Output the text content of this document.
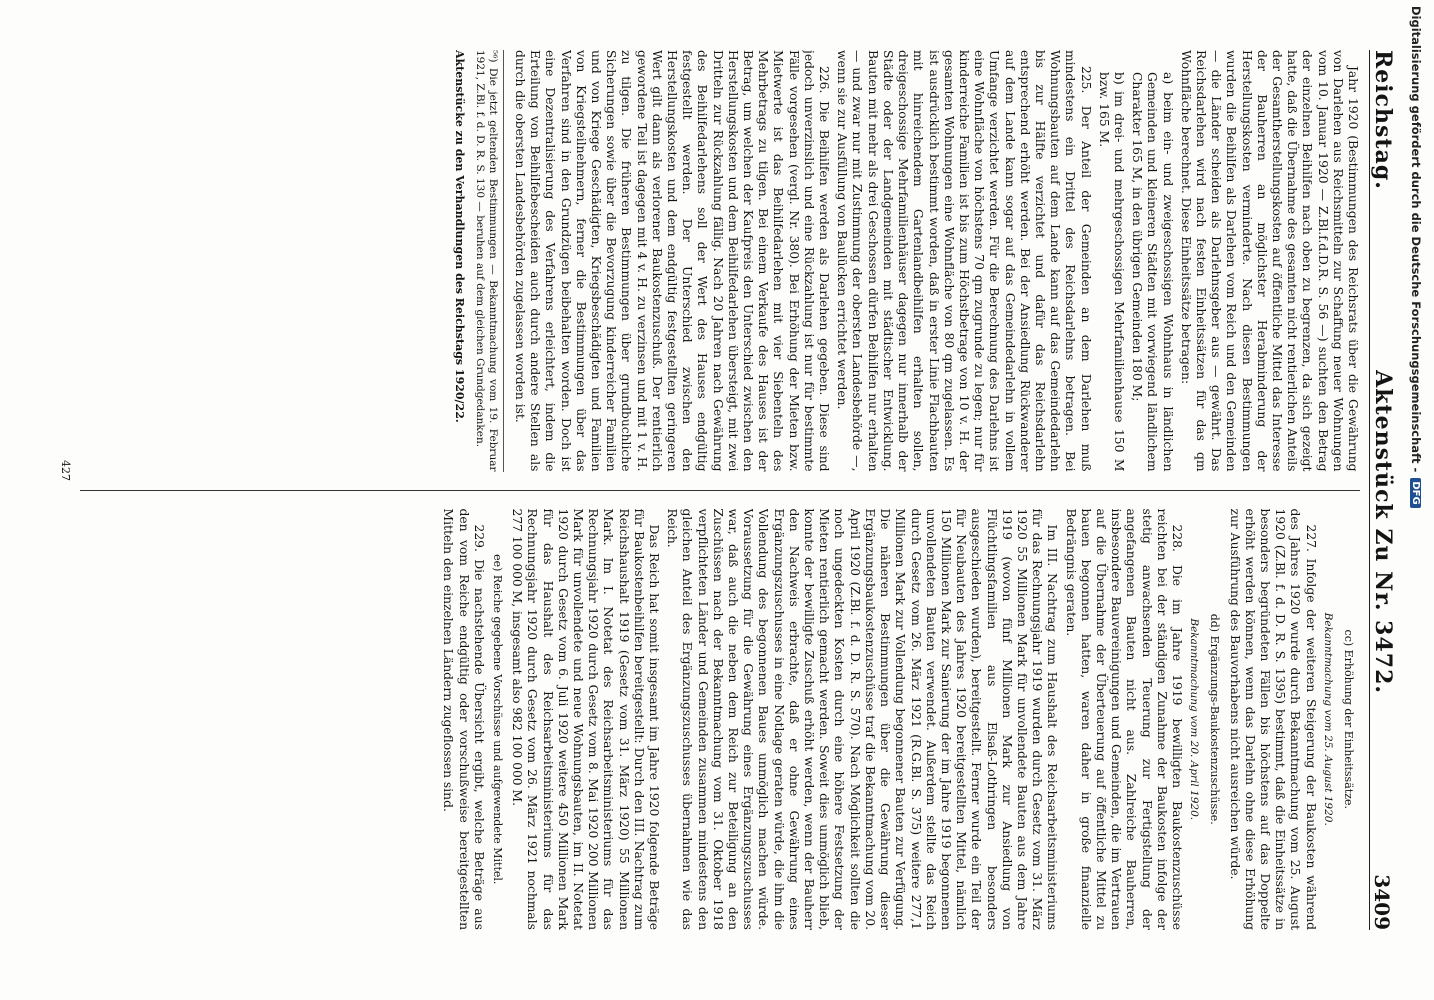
Reichstag.
Aktenstück Zu Nr. 3472.
3409

Jahr 1920 (Bestimmungen des Reichsrats über die Gewährung von Darlehen aus Reichsmitteln zur Schaffung neuer Wohnungen vom 10. Januar 1920 — Z.Bl.f.d.D.R. S. 56 —) suchten den Betrag der einzelnen Beihilfen nach oben zu begrenzen, da sich gezeigt hatte, daß die Übernahme des gesamten nicht rentierlichen Anteils der Gesamtherstellungskosten auf öffentliche Mittel das Interesse der Bauherren an möglichster Herabminderung der Herstellungskosten verminderte. Nach diesen Bestimmungen wurden die Beihilfen als Darlehen vom Reich und den Gemeinden — die Länder scheiden als Darlehnsgeber aus — gewährt. Das Reichsdarlehen wird nach festen Einheitssätzen für das qm Wohnfläche berechnet. Diese Einheitssätze betragen:

a) beim ein- und zweigeschossigen Wohnhaus in ländlichen Gemeinden und kleineren Städten mit vorwiegend ländlichem Charakter 165 M, in den übrigen Gemeinden 180 M;

b) im drei- und mehrgeschossigen Mehrfamilienhause 150 M bzw. 165 M.

225. Der Anteil der Gemeinden an dem Darlehen muß mindestens ein Drittel des Reichsdarlehns betragen. Bei Wohnungsbauten auf dem Lande kann auf das Gemeindedarlehn bis zur Hälfte verzichtet und dafür das Reichsdarlehn entsprechend erhöht werden. Bei der Ansiedlung Rückwanderer auf dem Lande kann sogar auf das Gemeindedarlehn in vollem Umfange verzichtet werden. Für die Berechnung des Darlehns ist eine Wohnfläche von höchstens 70 qm zugrunde zu legen; nur für kinderreiche Familien ist bis zum Höchstbetrage von 10 v. H. der gesamten Wohnungen eine Wohnfläche von 80 qm zugelassen. Es ist ausdrücklich bestimmt worden, daß in erster Linie Flachbauten mit hinreichendem Gartenlandbeihilfen erhalten sollen, dreigeschossige Mehrfamilienhäuser dagegen nur innerhalb der Städte oder der Landgemeinden mit städtischer Entwicklung. Bauten mit mehr als drei Geschossen dürfen Beihilfen nur erhalten — und zwar nur mit Zustimmung der obersten Landesbehörde —, wenn sie zur Ausfüllung von Baulücken errichtet werden.

226. Die Beihilfen werden als Darlehen gegeben. Diese sind jedoch unverzinslich und eine Rückzahlung ist nur für bestimmte Fälle vorgesehen (vergl. Nr. 380). Bei Erhöhung der Mieten bzw. Mietwerte ist das Beihilfedarlehen mit vier Siebenteln des Mehrbetrags zu tilgen. Bei einem Verkaufe des Hauses ist der Betrag, um welchen der Kaufpreis den Unterschied zwischen den Herstellungskosten und dem Beihilfedarlehen übersteigt, mit zwei Dritteln zur Rückzahlung fällig. Nach 20 Jahren nach Gewährung des Beihilfedarlehens soll der Wert des Hauses endgültig festgestellt werden. Der Unterschied zwischen den Herstellungskosten und dem endgültig festgestellten geringeren Wert gilt dann als verlorener Baukostenzuschuß. Der rentierlich gewordene Teil ist dagegen mit 4 v. H. zu verzinsen und mit 1 v. H. zu tilgen. Die früheren Bestimmungen über grundbuchliche Sicherungen sowie über die Bevorzugung kinderreicher Familien und von Kriege Geschädigten, Kriegsbeschädigten und Familien von Kriegsteilnehmern, ferner die Bestimmungen über das Verfahren sind in den Grundzügen beibehalten worden. Doch ist eine Dezentralisierung des Verfahrens erleichtert, indem die Erteilung von Beihilfebescheiden auch durch andere Stellen als durch die obersten Landesbehörden zugelassen worden ist.

⁵⁶) Die jetzt geltenden Bestimmungen — Bekanntmachung vom 19. Februar 1921, Z.Bl. f. d. D. R. S. 130 — beruhen auf dem gleichen Grundgedanken.
Aktenstücke zu den Verhandlungen des Reichstags 1920/22.

cc) Erhöhung der Einheitssätze.

Bekanntmachung vom 25. August 1920.

227. Infolge der weiteren Steigerung der Baukosten während des Jahres 1920 wurde durch Bekanntmachung vom 25. August 1920 (Z.Bl. f. d. D. R. S. 1395) bestimmt, daß die Einheitssätze in besonders begründeten Fällen bis höchstens auf das Doppelte erhöht werden können, wenn das Darlehn ohne diese Erhöhung zur Ausführung des Bauvorhabens nicht ausreichen würde.

dd) Ergänzungs-Baukostenzuschüsse.

Bekanntmachung vom 20. April 1920.

228. Die im Jahre 1919 bewilligten Baukostenzuschüsse reichten bei der ständigen Zunahme der Baukosten infolge der stetig anwachsenden Teuerung zur Fertigstellung der angefangenen Bauten nicht aus. Zahlreiche Bauherren, insbesondere Bauvereinigungen und Gemeinden, die im Vertrauen auf die Übernahme der Überteuerung auf öffentliche Mittel zu bauen begonnen hatten, waren daher in große finanzielle Bedrängnis geraten.

Im III. Nachtrag zum Haushalt des Reichsarbeitsministeriums für das Rechnungsjahr 1919 wurden durch Gesetz vom 31. März 1920 55 Millionen Mark für unvollendete Bauten aus dem Jahre 1919 (wovon fünf Millionen Mark zur Ansiedlung von Flüchtlingsfamilien aus Elsaß-Lothringen besonders ausgeschieden wurden), bereitgestellt. Ferner wurde ein Teil der für Neubauten des Jahres 1920 bereitgestellten Mittel, nämlich 150 Millionen Mark zur Sanierung der im Jahre 1919 begonnenen unvollendeten Bauten verwendet. Außerdem stellte das Reich durch Gesetz vom 26. März 1921 (R.G.Bl. S. 375) weitere 277,1 Millionen Mark zur Vollendung begonnener Bauten zur Verfügung. Die näheren Bestimmungen über die Gewährung dieser Ergänzungsbaukostenzuschüsse traf die Bekanntmachung vom 20. April 1920 (Z.Bl. f. d. D. R. S. 570). Nach Möglichkeit sollten die noch ungedeckten Kosten durch eine höhere Festsetzung der Mieten rentierlich gemacht werden. Soweit dies unmöglich blieb, konnte der bewilligte Zuschuß erhöht werden, wenn der Bauherr den Nachweis erbrachte, daß er ohne Gewährung eines Ergänzungszuschusses in eine Notlage geraten würde, die ihm die Vollendung des begonnenen Baues unmöglich machen würde. Voraussetzung für die Gewährung eines Ergänzungszuschusses war, daß auch die neben dem Reich zur Beteiligung an den Zuschüssen nach der Bekanntmachung vom 31. Oktober 1918 verpflichteten Länder und Gemeinden zusammen mindestens den gleichen Anteil des Ergänzungszuschusses übernahmen wie das Reich.

Das Reich hat somit insgesamt im Jahre 1920 folgende Beträge für Baukostenbeihilfen bereitgestellt: Durch den III. Nachtrag zum Reichshaushalt 1919 (Gesetz vom 31. März 1920) 55 Millionen Mark. Im I. Notetat des Reichsarbeitsministeriums für das Rechnungsjahr 1920 durch Gesetz vom 8. Mai 1920 200 Millionen Mark für unvollendete und neue Wohnungsbauten, im II. Notetat 1920 durch Gesetz vom 6. Juli 1920 weitere 450 Millionen Mark für das Haushalt des Reichsarbeitsministeriums für das Rechnungsjahr 1920 durch Gesetz vom 26. März 1921 nochmals 277 100 000 M, insgesamt also 982 100 000 M.

ee) Reiche gegebene Vorschüsse und aufgewendete Mittel.

229. Die nachstehende Übersicht ergibt, welche Beträge aus den vom Reiche endgültig oder vorschußweise bereitgestellten Mitteln den einzelnen Ländern zugeflossen sind.

427	Digitalisierung gefördert durch die Deutsche Forschungsgemeinschaft -
DFG
